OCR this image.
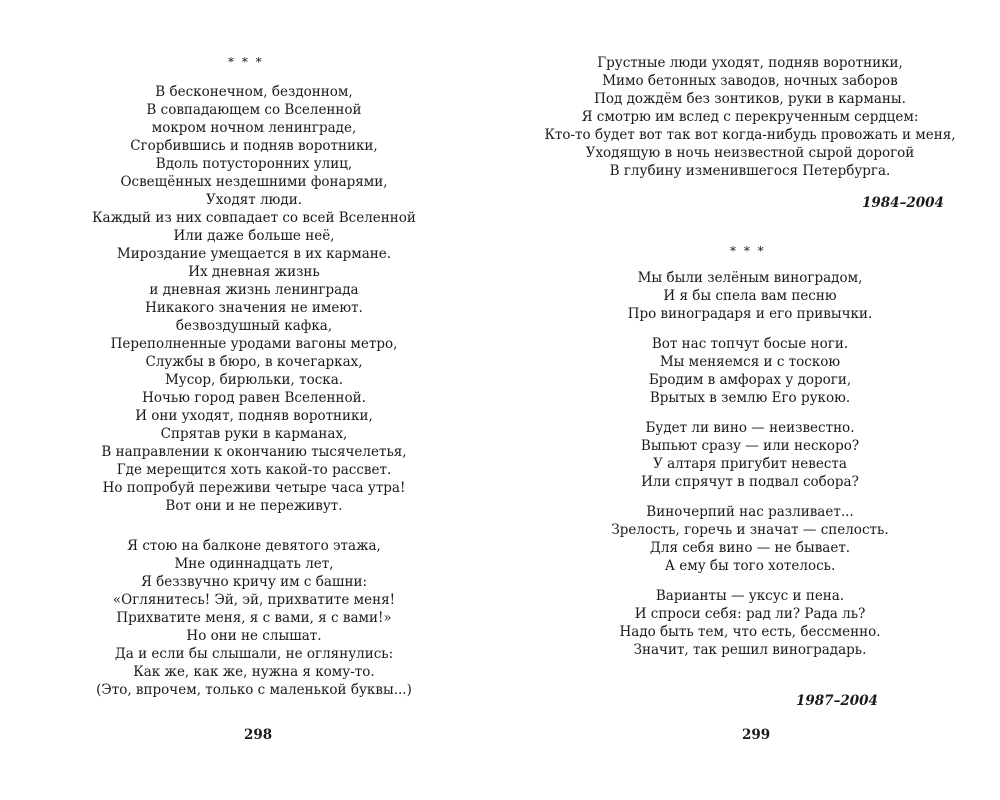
* * *
В бесконечном, бездонном,
В совпадающем со Вселенной
мокром ночном ленинграде,
Сгорбившись и подняв воротники,
Вдоль потусторонних улиц,
Освещённых нездешними фонарями,
Уходят люди.
Каждый из них совпадает со всей Вселенной
Или даже больше неё,
Мироздание умещается в их кармане.
Их дневная жизнь
и дневная жизнь ленинграда
Никакого значения не имеют.
безвоздушный кафка,
Переполненные уродами вагоны метро,
Службы в бюро, в кочегарках,
Мусор, бирюльки, тоска.
Ночью город равен Вселенной.
И они уходят, подняв воротники,
Спрятав руки в карманах,
В направлении к окончанию тысячелетья,
Где мерещится хоть какой-то рассвет.
Но попробуй переживи четыре часа утра!
Вот они и не переживут.
Я стою на балконе девятого этажа,
Мне одиннадцать лет,
Я беззвучно кричу им с башни:
«Оглянитесь! Эй, эй, прихватите меня!
Прихватите меня, я с вами, я с вами!»
Но они не слышат.
Да и если бы слышали, не оглянулись:
Как же, как же, нужна я кому-то.
(Это, впрочем, только с маленькой буквы...)
298
Грустные люди уходят, подняв воротники,
Мимо бетонных заводов, ночных заборов
Под дождём без зонтиков, руки в карманы.
Я смотрю им вслед с перекрученным сердцем:
Кто-то будет вот так вот когда-нибудь провожать и меня,
Уходящую в ночь неизвестной сырой дорогой
В глубину изменившегося Петербурга.
1984–2004
* * *
Мы были зелёным виноградом,
И я бы спела вам песню
Про виноградаря и его привычки.
Вот нас топчут босые ноги.
Мы меняемся и с тоскою
Бродим в амфорах у дороги,
Врытых в землю Его рукою.
Будет ли вино — неизвестно.
Выпьют сразу — или нескоро?
У алтаря пригубит невеста
Или спрячут в подвал собора?
Виночерпий нас разливает...
Зрелость, горечь и значат — спелость.
Для себя вино — не бывает.
А ему бы того хотелось.
Варианты — уксус и пена.
И спроси себя: рад ли? Рада ль?
Надо быть тем, что есть, бессменно.
Значит, так решил виноградарь.
1987–2004
299
